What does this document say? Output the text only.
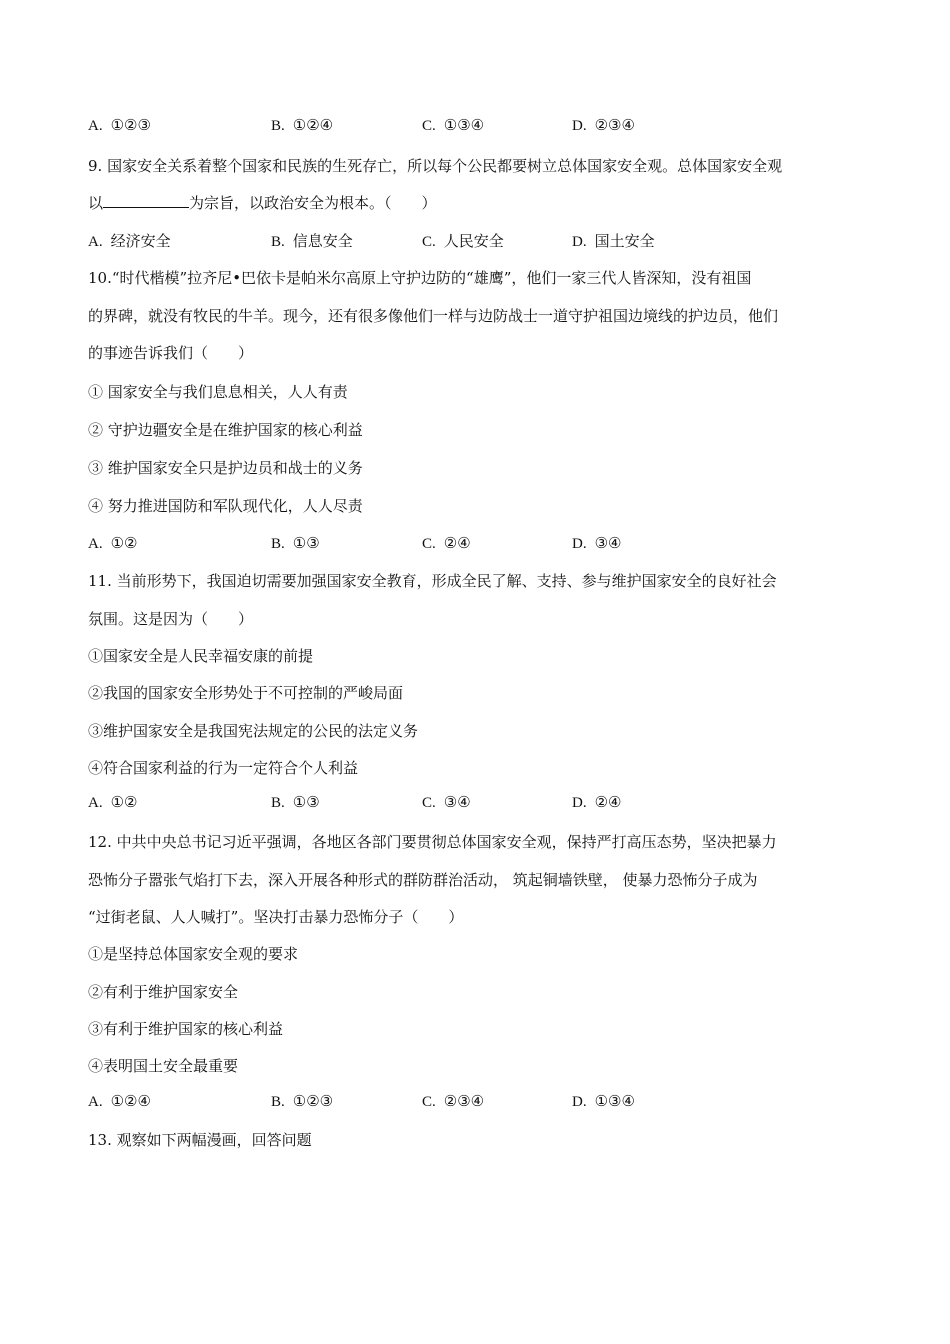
A. ①②③	B. ①②④	C. ①③④	D. ②③④
9. 国家安全关系着整个国家和民族的生死存亡，所以每个公民都要树立总体国家安全观。总体国家安全观
以	为宗旨，以政治安全为根本。（　　）
A. 经济安全	B. 信息安全	C. 人民安全	D. 国土安全
10.“时代楷模”拉齐尼•巴依卡是帕米尔高原上守护边防的“雄鹰”，他们一家三代人皆深知，没有祖国
的界碑，就没有牧民的牛羊。现今，还有很多像他们一样与边防战士一道守护祖国边境线的护边员，他们
的事迹告诉我们（　　）
① 国家安全与我们息息相关，人人有责
② 守护边疆安全是在维护国家的核心利益
③ 维护国家安全只是护边员和战士的义务
④ 努力推进国防和军队现代化，人人尽责
A. ①②	B. ①③	C. ②④	D. ③④
11. 当前形势下，我国迫切需要加强国家安全教育，形成全民了解、支持、参与维护国家安全的良好社会
氛围。这是因为（　　）
①国家安全是人民幸福安康的前提
②我国的国家安全形势处于不可控制的严峻局面
③维护国家安全是我国宪法规定的公民的法定义务
④符合国家利益的行为一定符合个人利益
A. ①②	B. ①③	C. ③④	D. ②④
12. 中共中央总书记习近平强调，各地区各部门要贯彻总体国家安全观，保持严打高压态势，坚决把暴力
恐怖分子嚣张气焰打下去，深入开展各种形式的群防群治活动， 筑起铜墙铁壁， 使暴力恐怖分子成为
“过街老鼠、人人喊打”。坚决打击暴力恐怖分子（　　）
①是坚持总体国家安全观的要求
②有利于维护国家安全
③有利于维护国家的核心利益
④表明国土安全最重要
A. ①②④	B. ①②③	C. ②③④	D. ①③④
13. 观察如下两幅漫画，回答问题
